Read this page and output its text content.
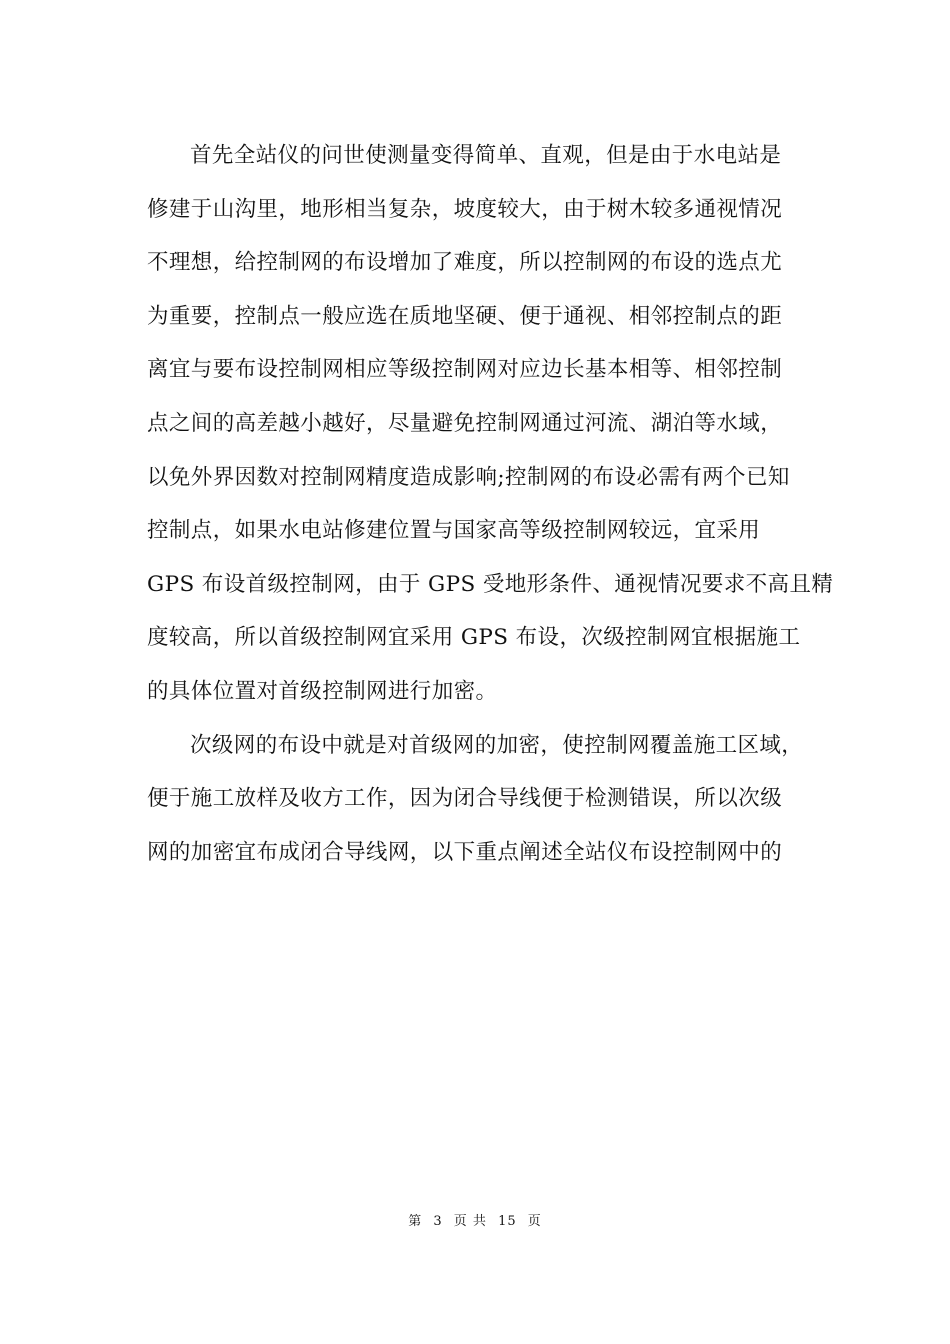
首先全站仪的问世使测量变得简单、直观，但是由于水电站是
修建于山沟里，地形相当复杂，坡度较大，由于树木较多通视情况
不理想，给控制网的布设增加了难度，所以控制网的布设的选点尤
为重要，控制点一般应选在质地坚硬、便于通视、相邻控制点的距
离宜与要布设控制网相应等级控制网对应边长基本相等、相邻控制
点之间的高差越小越好，尽量避免控制网通过河流、湖泊等水域，
以免外界因数对控制网精度造成影响;控制网的布设必需有两个已知
控制点，如果水电站修建位置与国家高等级控制网较远，宜采用
GPS 布设首级控制网，由于 GPS 受地形条件、通视情况要求不高且精
度较高，所以首级控制网宜采用 GPS 布设，次级控制网宜根据施工
的具体位置对首级控制网进行加密。
次级网的布设中就是对首级网的加密，使控制网覆盖施工区域，
便于施工放样及收方工作，因为闭合导线便于检测错误，所以次级
网的加密宜布成闭合导线网，以下重点阐述全站仪布设控制网中的
第 3 页 共 15 页
